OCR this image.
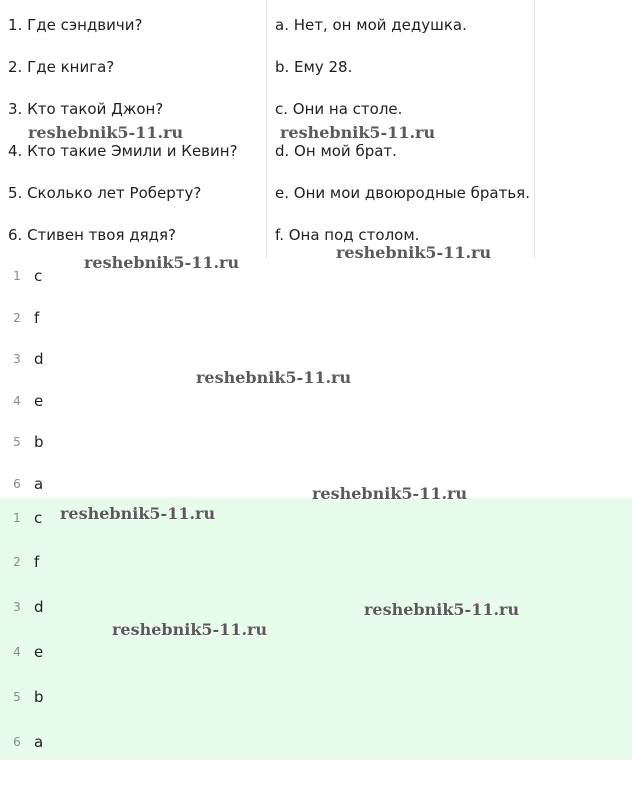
1. Где сэндвичи?
2. Где книга?
3. Кто такой Джон?
4. Кто такие Эмили и Кевин?
5. Сколько лет Роберту?
6. Стивен твоя дядя?
a. Нет, он мой дедушка.
b. Ему 28.
c. Они на столе.
d. Он мой брат.
e. Они мои двоюродные братья.
f. Она под столом.
1 c
2 f
3 d
4 e
5 b
6 a
1 c
2 f
3 d
4 e
5 b
6 a
reshebnik5-11.ru	reshebnik5-11.ru
reshebnik5-11.ru
reshebnik5-11.ru
reshebnik5-11.ru
reshebnik5-11.ru
reshebnik5-11.ru
reshebnik5-11.ru
reshebnik5-11.ru
